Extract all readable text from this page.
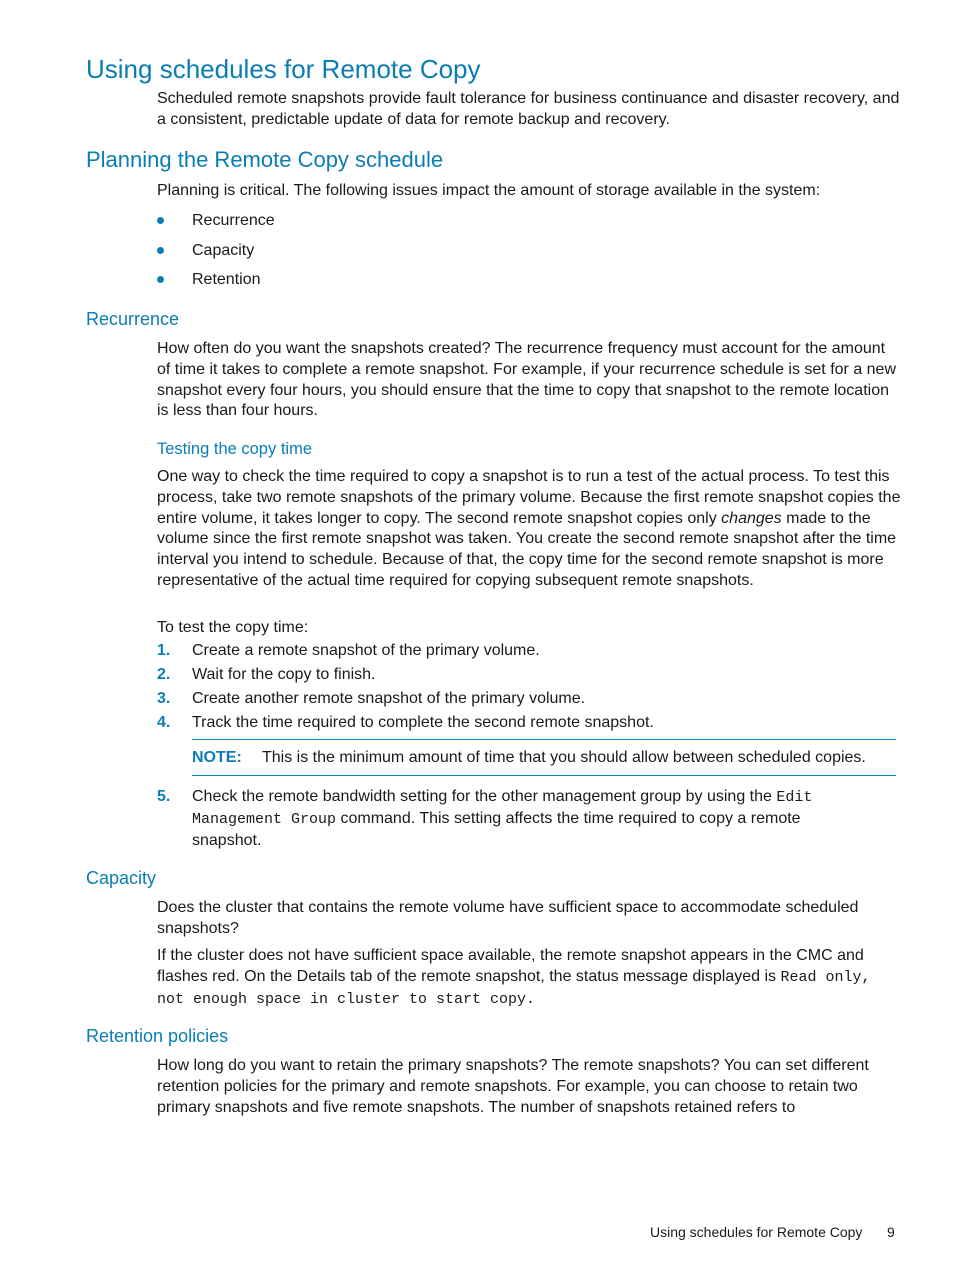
Using schedules for Remote Copy

Scheduled remote snapshots provide fault tolerance for business continuance and disaster recovery, and a consistent, predictable update of data for remote backup and recovery.

Planning the Remote Copy schedule

Planning is critical. The following issues impact the amount of storage available in the system:

Recurrence
Capacity
Retention
Recurrence

How often do you want the snapshots created? The recurrence frequency must account for the amount of time it takes to complete a remote snapshot. For example, if your recurrence schedule is set for a new snapshot every four hours, you should ensure that the time to copy that snapshot to the remote location is less than four hours.

Testing the copy time

One way to check the time required to copy a snapshot is to run a test of the actual process. To test this process, take two remote snapshots of the primary volume. Because the first remote snapshot copies the entire volume, it takes longer to copy. The second remote snapshot copies only changes made to the volume since the first remote snapshot was taken. You create the second remote snapshot after the time interval you intend to schedule. Because of that, the copy time for the second remote snapshot is more representative of the actual time required for copying subsequent remote snapshots.

To test the copy time:

1. Create a remote snapshot of the primary volume.
2. Wait for the copy to finish.
3. Create another remote snapshot of the primary volume.
4. Track the time required to complete the second remote snapshot.
NOTE: This is the minimum amount of time that you should allow between scheduled copies.
5. Check the remote bandwidth setting for the other management group by using the Edit Management Group command. This setting affects the time required to copy a remote snapshot.

Capacity

Does the cluster that contains the remote volume have sufficient space to accommodate scheduled snapshots?

If the cluster does not have sufficient space available, the remote snapshot appears in the CMC and flashes red. On the Details tab of the remote snapshot, the status message displayed is Read only, not enough space in cluster to start copy.

Retention policies

How long do you want to retain the primary snapshots? The remote snapshots? You can set different retention policies for the primary and remote snapshots. For example, you can choose to retain two primary snapshots and five remote snapshots. The number of snapshots retained refers to

Using schedules for Remote Copy 9
